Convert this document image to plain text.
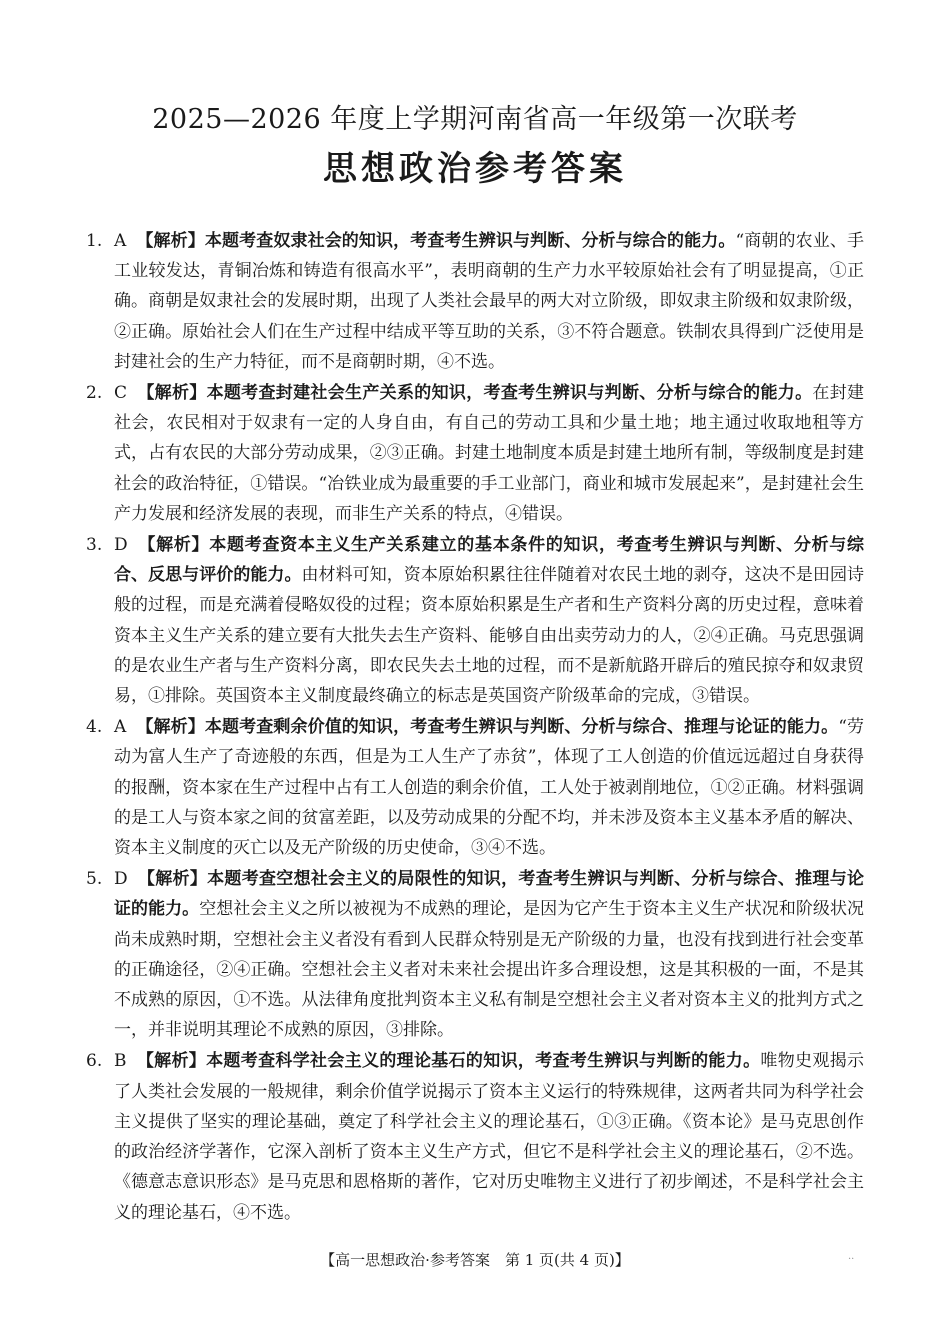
2025—2026 年度上学期河南省高一年级第一次联考
思想政治参考答案
1. A 【解析】本题考查奴隶社会的知识，考查考生辨识与判断、分析与综合的能力。“商朝的农业、手工业较发达，青铜冶炼和铸造有很高水平”，表明商朝的生产力水平较原始社会有了明显提高，①正确。商朝是奴隶社会的发展时期，出现了人类社会最早的两大对立阶级，即奴隶主阶级和奴隶阶级，②正确。原始社会人们在生产过程中结成平等互助的关系，③不符合题意。铁制农具得到广泛使用是封建社会的生产力特征，而不是商朝时期，④不选。
2. C 【解析】本题考查封建社会生产关系的知识，考查考生辨识与判断、分析与综合的能力。在封建社会，农民相对于奴隶有一定的人身自由，有自己的劳动工具和少量土地；地主通过收取地租等方式，占有农民的大部分劳动成果，②③正确。封建土地制度本质是封建土地所有制，等级制度是封建社会的政治特征，①错误。“冶铁业成为最重要的手工业部门，商业和城市发展起来”，是封建社会生产力发展和经济发展的表现，而非生产关系的特点，④错误。
3. D 【解析】本题考查资本主义生产关系建立的基本条件的知识，考查考生辨识与判断、分析与综合、反思与评价的能力。由材料可知，资本原始积累往往伴随着对农民土地的剥夺，这决不是田园诗般的过程，而是充满着侵略奴役的过程；资本原始积累是生产者和生产资料分离的历史过程，意味着资本主义生产关系的建立要有大批失去生产资料、能够自由出卖劳动力的人，②④正确。马克思强调的是农业生产者与生产资料分离，即农民失去土地的过程，而不是新航路开辟后的殖民掠夺和奴隶贸易，①排除。英国资本主义制度最终确立的标志是英国资产阶级革命的完成，③错误。
4. A 【解析】本题考查剩余价值的知识，考查考生辨识与判断、分析与综合、推理与论证的能力。“劳动为富人生产了奇迹般的东西，但是为工人生产了赤贫”，体现了工人创造的价值远远超过自身获得的报酬，资本家在生产过程中占有工人创造的剩余价值，工人处于被剥削地位，①②正确。材料强调的是工人与资本家之间的贫富差距，以及劳动成果的分配不均，并未涉及资本主义基本矛盾的解决、资本主义制度的灭亡以及无产阶级的历史使命，③④不选。
5. D 【解析】本题考查空想社会主义的局限性的知识，考查考生辨识与判断、分析与综合、推理与论证的能力。空想社会主义之所以被视为不成熟的理论，是因为它产生于资本主义生产状况和阶级状况尚未成熟时期，空想社会主义者没有看到人民群众特别是无产阶级的力量，也没有找到进行社会变革的正确途径，②④正确。空想社会主义者对未来社会提出许多合理设想，这是其积极的一面，不是其不成熟的原因，①不选。从法律角度批判资本主义私有制是空想社会主义者对资本主义的批判方式之一，并非说明其理论不成熟的原因，③排除。
6. B 【解析】本题考查科学社会主义的理论基石的知识，考查考生辨识与判断的能力。唯物史观揭示了人类社会发展的一般规律，剩余价值学说揭示了资本主义运行的特殊规律，这两者共同为科学社会主义提供了坚实的理论基础，奠定了科学社会主义的理论基石，①③正确。《资本论》是马克思创作的政治经济学著作，它深入剖析了资本主义生产方式，但它不是科学社会主义的理论基石，②不选。《德意志意识形态》是马克思和恩格斯的著作，它对历史唯物主义进行了初步阐述，不是科学社会主义的理论基石，④不选。
【高一思想政治·参考答案　第 1 页(共 4 页)】	··
